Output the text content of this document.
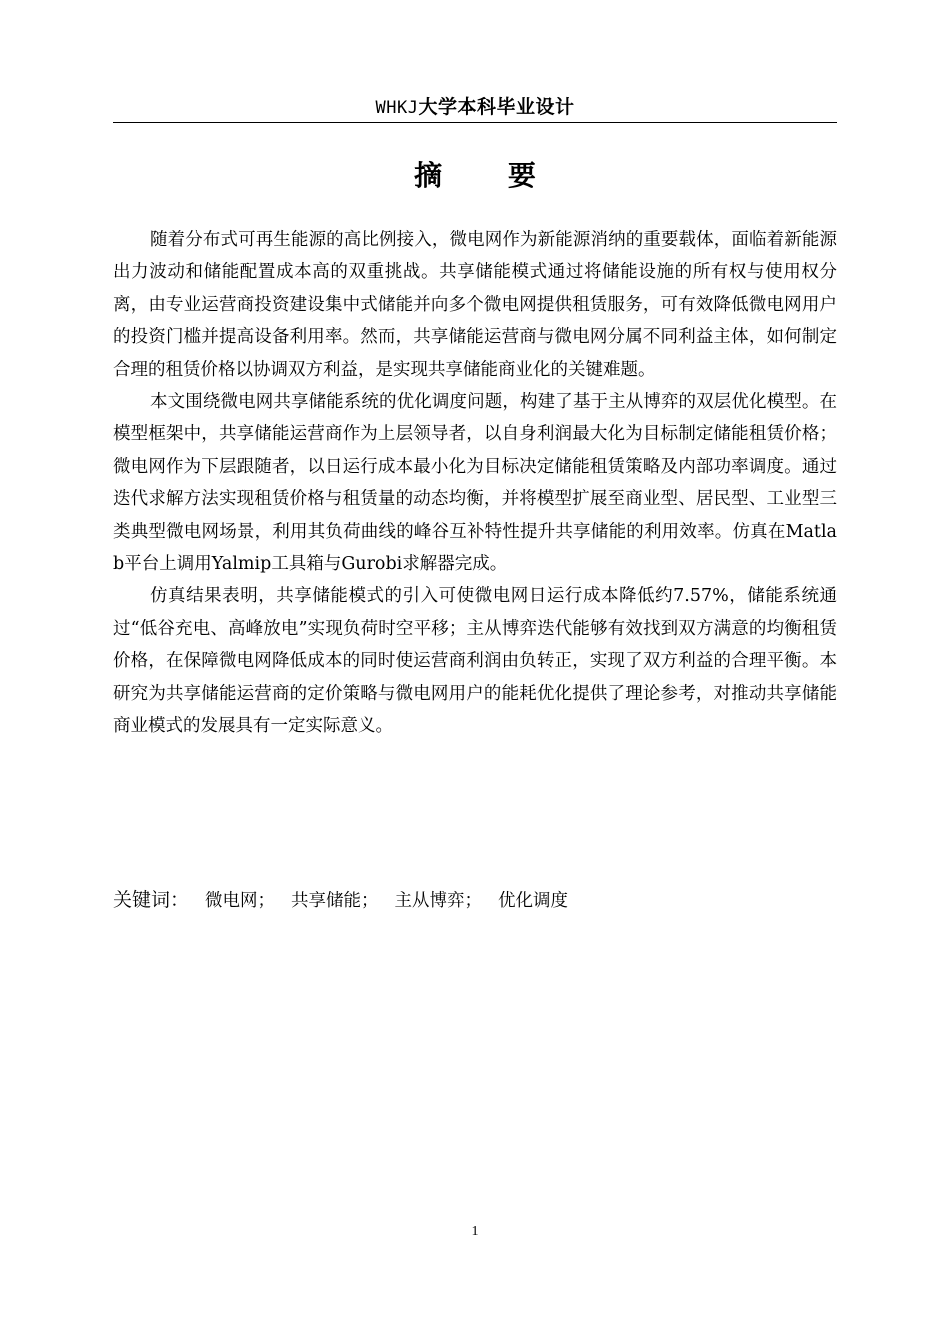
WHKJ大学本科毕业设计
摘 要

随着分布式可再生能源的高比例接入，微电网作为新能源消纳的重要载体，面临着新能源出力波动和储能配置成本高的双重挑战。共享储能模式通过将储能设施的所有权与使用权分离，由专业运营商投资建设集中式储能并向多个微电网提供租赁服务，可有效降低微电网用户的投资门槛并提高设备利用率。然而，共享储能运营商与微电网分属不同利益主体，如何制定合理的租赁价格以协调双方利益，是实现共享储能商业化的关键难题。

本文围绕微电网共享储能系统的优化调度问题，构建了基于主从博弈的双层优化模型。在模型框架中，共享储能运营商作为上层领导者，以自身利润最大化为目标制定储能租赁价格；微电网作为下层跟随者，以日运行成本最小化为目标决定储能租赁策略及内部功率调度。通过迭代求解方法实现租赁价格与租赁量的动态均衡，并将模型扩展至商业型、居民型、工业型三类典型微电网场景，利用其负荷曲线的峰谷互补特性提升共享储能的利用效率。仿真在Matlab平台上调用Yalmip工具箱与Gurobi求解器完成。

仿真结果表明，共享储能模式的引入可使微电网日运行成本降低约7.57%，储能系统通过“低谷充电、高峰放电”实现负荷时空平移；主从博弈迭代能够有效找到双方满意的均衡租赁价格，在保障微电网降低成本的同时使运营商利润由负转正，实现了双方利益的合理平衡。本研究为共享储能运营商的定价策略与微电网用户的能耗优化提供了理论参考，对推动共享储能商业模式的发展具有一定实际意义。

关键词： 微电网； 共享储能； 主从博弈； 优化调度
1
